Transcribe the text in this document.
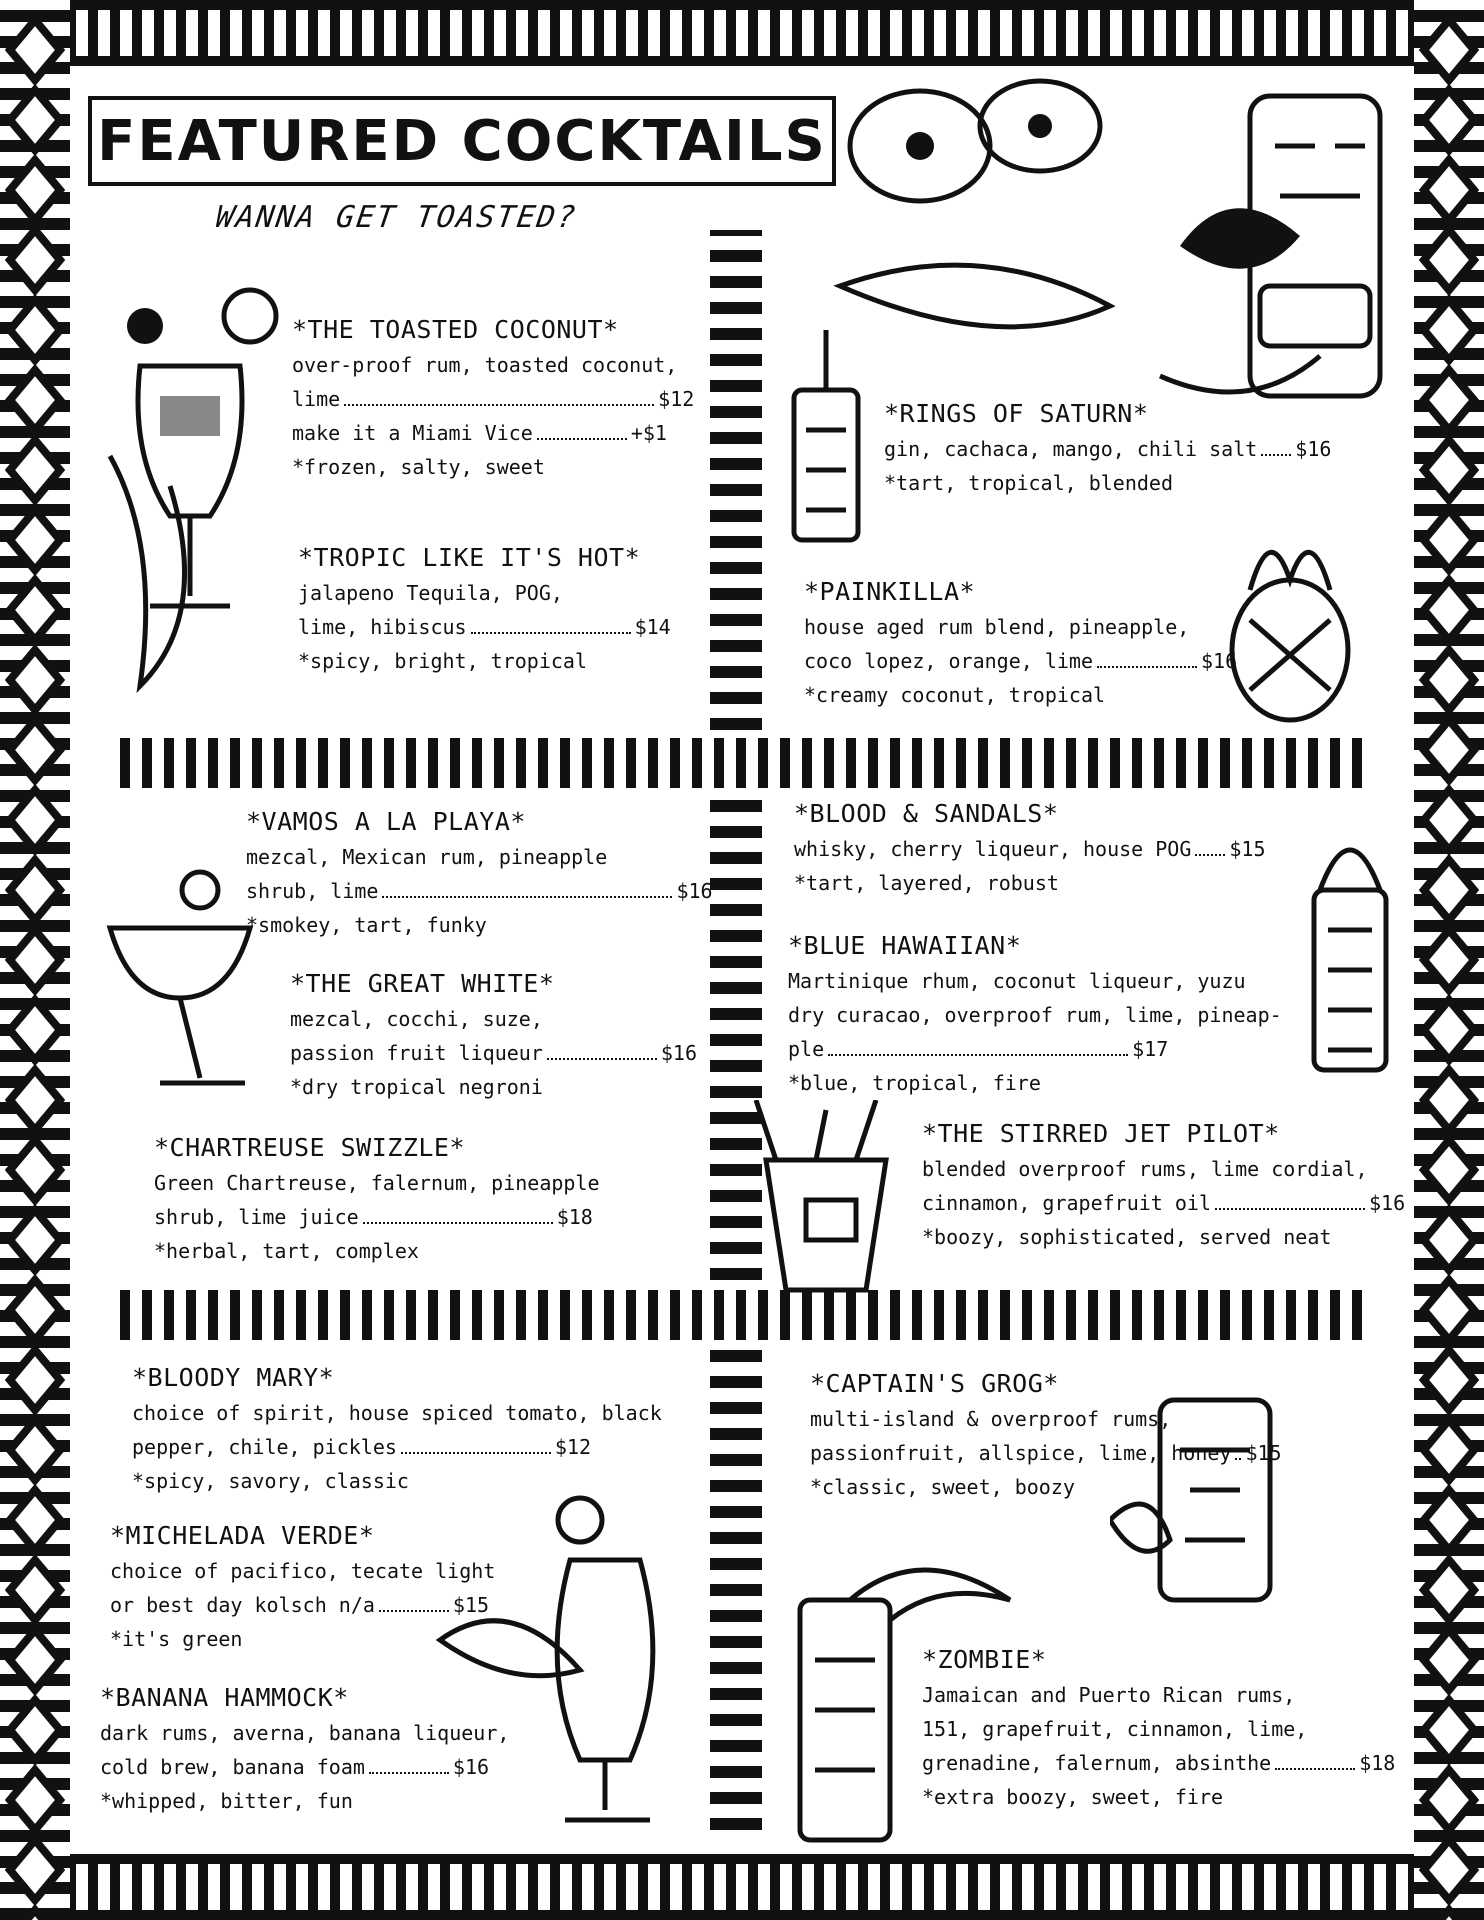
FEATURED COCKTAILS
WANNA GET TOASTED?
*THE TOASTED COCONUT*
over-proof rum, toasted coconut,
lime	$12
make it a Miami Vice	+$1
*frozen, salty, sweet
*TROPIC LIKE IT'S HOT*
jalapeno Tequila, POG,
lime, hibiscus	$14
*spicy, bright, tropical
*RINGS OF SATURN*
gin, cachaca, mango, chili salt $16
*tart, tropical, blended
*PAINKILLA*
house aged rum blend, pineapple,
coco lopez, orange, lime	$16
*creamy coconut, tropical
*VAMOS A LA PLAYA*
mezcal, Mexican rum, pineapple
shrub, lime	$16
*smokey, tart, funky
*THE GREAT WHITE*
mezcal, cocchi, suze,
passion fruit liqueur	$16
*dry tropical negroni
*CHARTREUSE SWIZZLE*
Green Chartreuse, falernum, pineapple
shrub, lime juice	$18
*herbal, tart, complex
*BLOOD & SANDALS*
whisky, cherry liqueur, house POG $15
*tart, layered, robust
*BLUE HAWAIIAN*
Martinique rhum, coconut liqueur, yuzu
dry curacao, overproof rum, lime, pineap-
ple	$17
*blue, tropical, fire
*THE STIRRED JET PILOT*
blended overproof rums, lime cordial,
cinnamon, grapefruit oil	$16
*boozy, sophisticated, served neat
*BLOODY MARY*
choice of spirit, house spiced tomato, black
pepper, chile, pickles	$12
*spicy, savory, classic
*MICHELADA VERDE*
choice of pacifico, tecate light
or best day kolsch n/a	$15
*it's green
*BANANA HAMMOCK*
dark rums, averna, banana liqueur,
cold brew, banana foam	$16
*whipped, bitter, fun
*CAPTAIN'S GROG*
multi-island & overproof rums,
passionfruit, allspice, lime, honey $15
*classic, sweet, boozy
*ZOMBIE*
Jamaican and Puerto Rican rums,
151, grapefruit, cinnamon, lime,
grenadine, falernum, absinthe	$18
*extra boozy, sweet, fire
